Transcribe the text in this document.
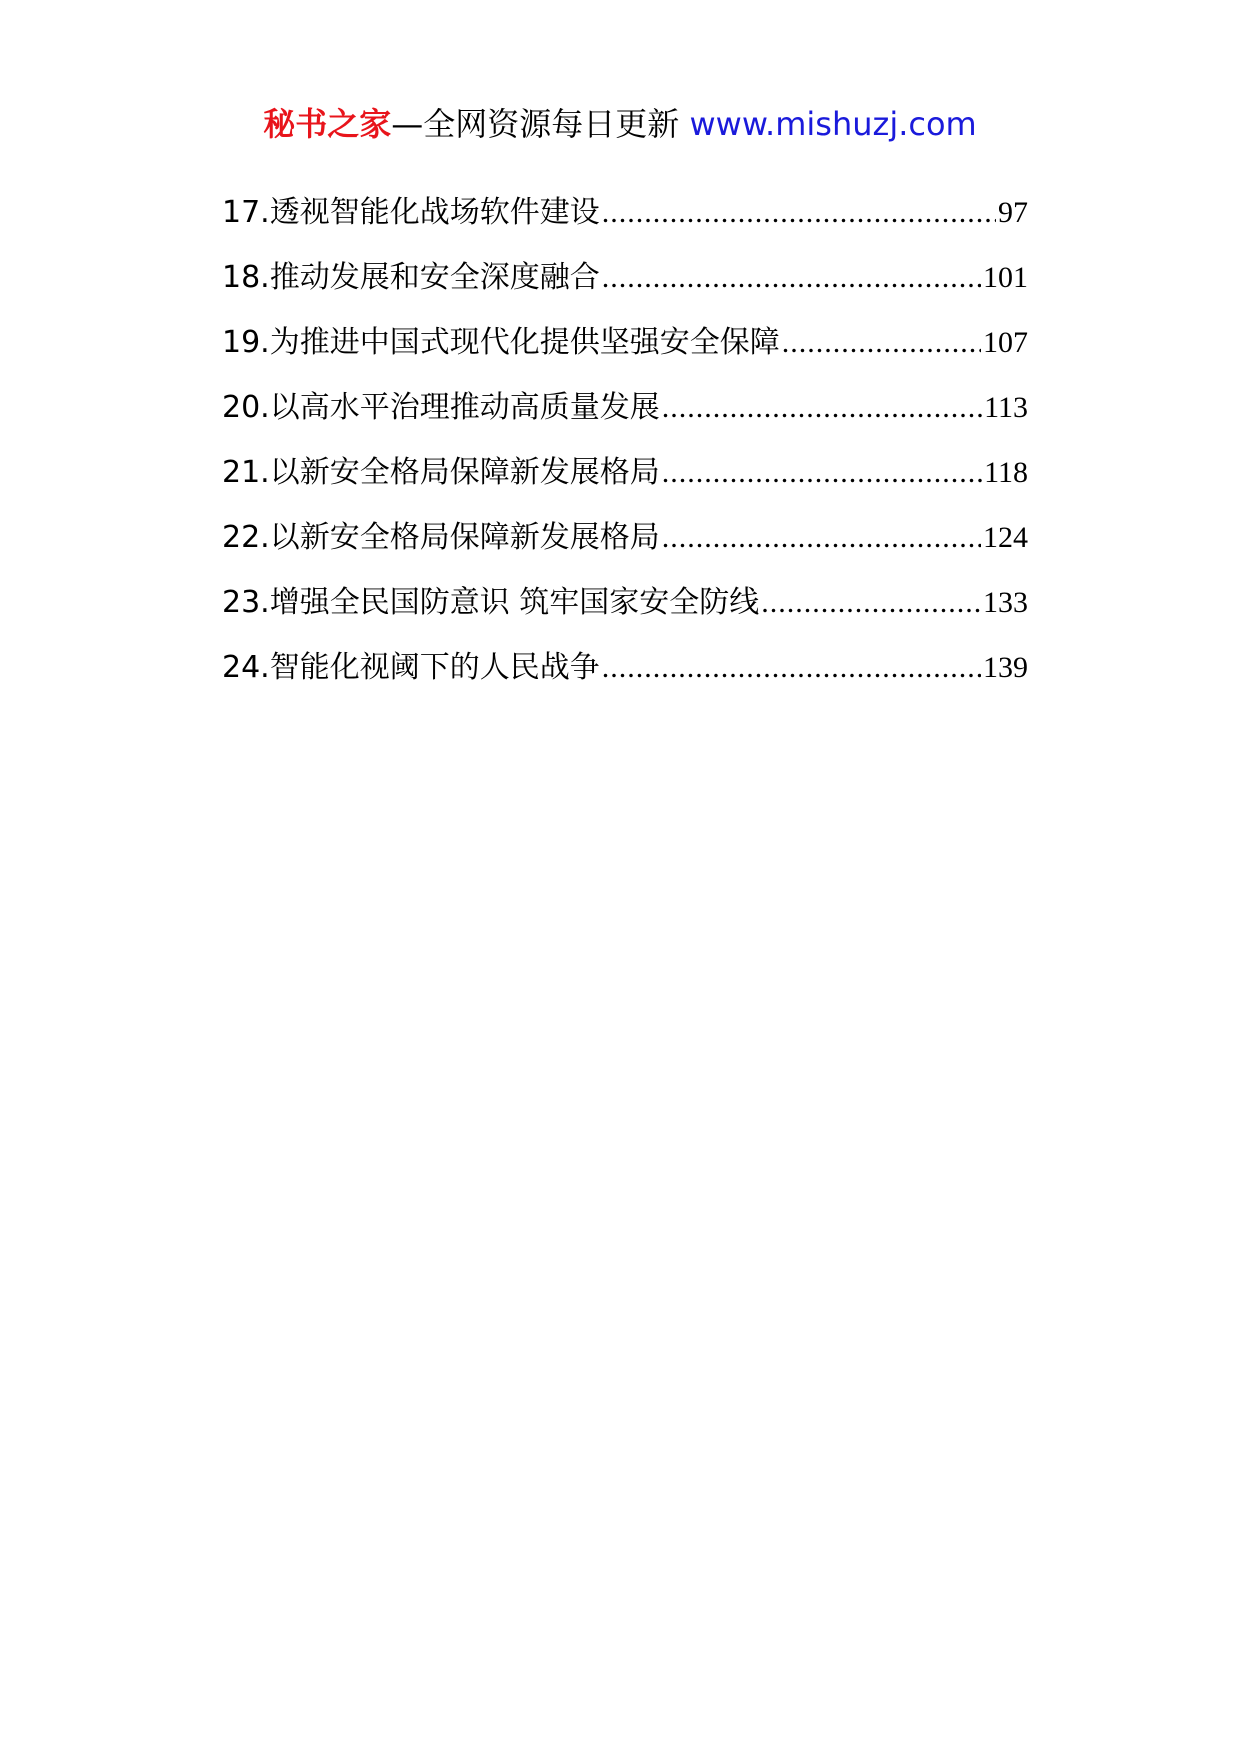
秘书之家—全网资源每日更新 www.mishuzj.com
17.透视智能化战场软件建设 .....	97
18.推动发展和安全深度融合 .....	101
19.为推进中国式现代化提供坚强安全保障 .....	107
20.以高水平治理推动高质量发展 .....	113
21.以新安全格局保障新发展格局 .....	118
22.以新安全格局保障新发展格局 .....	124
23.增强全民国防意识 筑牢国家安全防线 .....	133
24.智能化视阈下的人民战争 .....	139
